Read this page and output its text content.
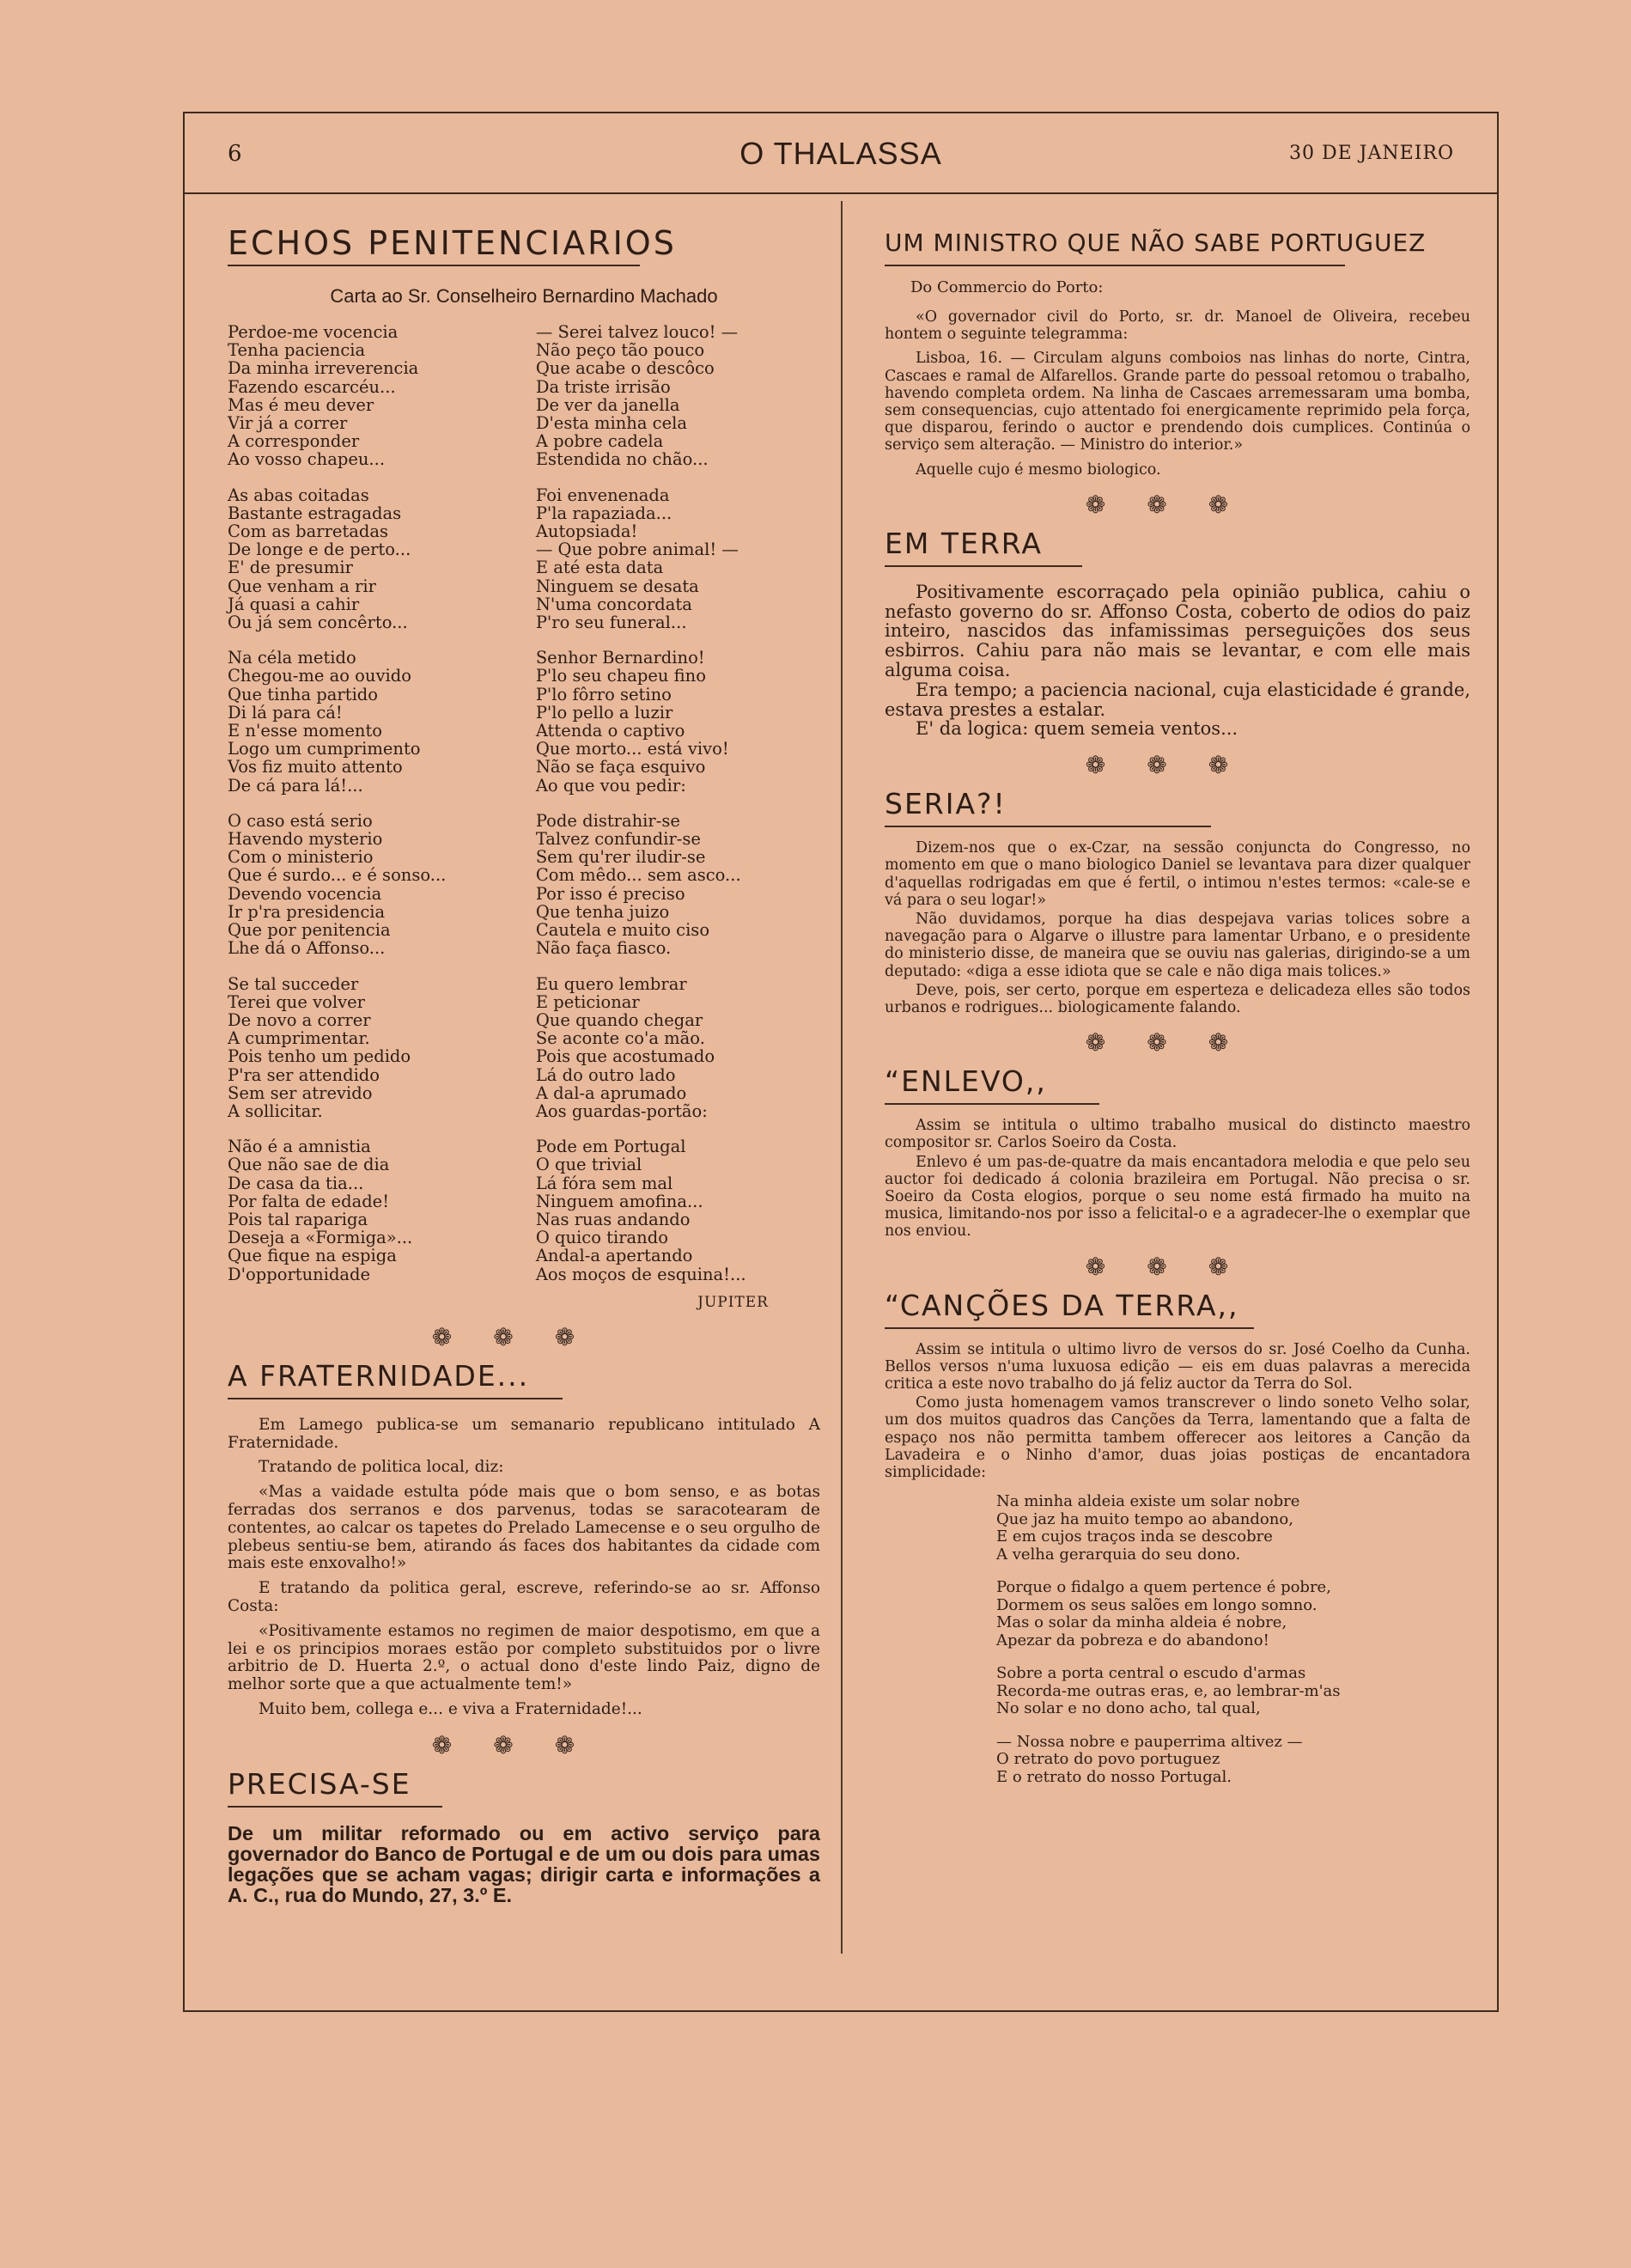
6	O THALASSA	30 DE JANEIRO
ECHOS PENITENCIARIOS
Carta ao Sr. Conselheiro Bernardino Machado
Perdoe-me vocencia
Tenha paciencia
Da minha irreverencia
Fazendo escarcéu...
Mas é meu dever
Vir já a correr
A corresponder
Ao vosso chapeu...
As abas coitadas
Bastante estragadas
Com as barretadas
De longe e de perto...
E' de presumir
Que venham a rir
Já quasi a cahir
Ou já sem concêrto...
Na céla metido
Chegou-me ao ouvido
Que tinha partido
Di lá para cá!
E n'esse momento
Logo um cumprimento
Vos fiz muito attento
De cá para lá!...
O caso está serio
Havendo mysterio
Com o ministerio
Que é surdo... e é sonso...
Devendo vocencia
Ir p'ra presidencia
Que por penitencia
Lhe dá o Affonso...
Se tal succeder
Terei que volver
De novo a correr
A cumprimentar.
Pois tenho um pedido
P'ra ser attendido
Sem ser atrevido
A sollicitar.
Não é a amnistia
Que não sae de dia
De casa da tia...
Por falta de edade!
Pois tal rapariga
Deseja a «Formiga»...
Que fique na espiga
D'opportunidade
— Serei talvez louco! —
Não peço tão pouco
Que acabe o descôco
Da triste irrisão
De ver da janella
D'esta minha cela
A pobre cadela
Estendida no chão...
Foi envenenada
P'la rapaziada...
Autopsiada!
— Que pobre animal! —
E até esta data
Ninguem se desata
N'uma concordata
P'ro seu funeral...
Senhor Bernardino!
P'lo seu chapeu fino
P'lo fôrro setino
P'lo pello a luzir
Attenda o captivo
Que morto... está vivo!
Não se faça esquivo
Ao que vou pedir:
Pode distrahir-se
Talvez confundir-se
Sem qu'rer iludir-se
Com mêdo... sem asco...
Por isso é preciso
Que tenha juizo
Cautela e muito ciso
Não faça fiasco.
Eu quero lembrar
E peticionar
Que quando chegar
Se aconte co'a mão.
Pois que acostumado
Lá do outro lado
A dal-a aprumado
Aos guardas-portão:
Pode em Portugal
O que trivial
Lá fóra sem mal
Ninguem amofina...
Nas ruas andando
O quico tirando
Andal-a apertando
Aos moços de esquina!...
JUPITER
❁❁❁
A FRATERNIDADE...

Em Lamego publica-se um semanario republicano intitulado A Fraternidade.

Tratando de politica local, diz:

«Mas a vaidade estulta póde mais que o bom senso, e as botas ferradas dos serranos e dos parvenus, todas se saracotearam de contentes, ao calcar os tapetes do Prelado Lamecense e o seu orgulho de plebeus sentiu-se bem, atirando ás faces dos habitantes da cidade com mais este enxovalho!»

E tratando da politica geral, escreve, referindo-se ao sr. Affonso Costa:

«Positivamente estamos no regimen de maior despotismo, em que a lei e os principios moraes estão por completo substituidos por o livre arbitrio de D. Huerta 2.º, o actual dono d'este lindo Paiz, digno de melhor sorte que a que actualmente tem!»

Muito bem, collega e... e viva a Fraternidade!...

❁❁❁
PRECISA-SE
De um militar reformado ou em activo serviço para governador do Banco de Portugal e de um ou dois para umas legações que se acham vagas; dirigir carta e informações a A. C., rua do Mundo, 27, 3.º E.
UM MINISTRO QUE NÃO SABE PORTUGUEZ
Do Commercio do Porto:

«O governador civil do Porto, sr. dr. Manoel de Oliveira, recebeu hontem o seguinte telegramma:

Lisboa, 16. — Circulam alguns comboios nas linhas do norte, Cintra, Cascaes e ramal de Alfarellos. Grande parte do pessoal retomou o trabalho, havendo completa ordem. Na linha de Cascaes arremessaram uma bomba, sem consequencias, cujo attentado foi energicamente reprimido pela força, que disparou, ferindo o auctor e prendendo dois cumplices. Continúa o serviço sem alteração. — Ministro do interior.»

Aquelle cujo é mesmo biologico.

❁❁❁
EM TERRA

Positivamente escorraçado pela opinião publica, cahiu o nefasto governo do sr. Affonso Costa, coberto de odios do paiz inteiro, nascidos das infamissimas perseguições dos seus esbirros. Cahiu para não mais se levantar, e com elle mais alguma coisa.

Era tempo; a paciencia nacional, cuja elasticidade é grande, estava prestes a estalar.

E' da logica: quem semeia ventos...

❁❁❁
SERIA?!

Dizem-nos que o ex-Czar, na sessão conjuncta do Congresso, no momento em que o mano biologico Daniel se levantava para dizer qualquer d'aquellas rodrigadas em que é fertil, o intimou n'estes termos: «cale-se e vá para o seu logar!»

Não duvidamos, porque ha dias despejava varias tolices sobre a navegação para o Algarve o illustre para lamentar Urbano, e o presidente do ministerio disse, de maneira que se ouviu nas galerias, dirigindo-se a um deputado: «diga a esse idiota que se cale e não diga mais tolices.»

Deve, pois, ser certo, porque em esperteza e delicadeza elles são todos urbanos e rodrigues... biologicamente falando.

❁❁❁
“ENLEVO,,

Assim se intitula o ultimo trabalho musical do distincto maestro compositor sr. Carlos Soeiro da Costa.

Enlevo é um pas-de-quatre da mais encantadora melodia e que pelo seu auctor foi dedicado á colonia brazileira em Portugal. Não precisa o sr. Soeiro da Costa elogios, porque o seu nome está firmado ha muito na musica, limitando-nos por isso a felicital-o e a agradecer-lhe o exemplar que nos enviou.

❁❁❁
“CANÇÕES DA TERRA,,

Assim se intitula o ultimo livro de versos do sr. José Coelho da Cunha. Bellos versos n'uma luxuosa edição — eis em duas palavras a merecida critica a este novo trabalho do já feliz auctor da Terra do Sol.

Como justa homenagem vamos transcrever o lindo soneto Velho solar, um dos muitos quadros das Canções da Terra, lamentando que a falta de espaço nos não permitta tambem offerecer aos leitores a Canção da Lavadeira e o Ninho d'amor, duas joias postiças de encantadora simplicidade:

Na minha aldeia existe um solar nobre
Que jaz ha muito tempo ao abandono,
E em cujos traços inda se descobre
A velha gerarquia do seu dono.
Porque o fidalgo a quem pertence é pobre,
Dormem os seus salões em longo somno.
Mas o solar da minha aldeia é nobre,
Apezar da pobreza e do abandono!
Sobre a porta central o escudo d'armas
Recorda-me outras eras, e, ao lembrar-m'as
No solar e no dono acho, tal qual,
— Nossa nobre e pauperrima altivez —
O retrato do povo portuguez
E o retrato do nosso Portugal.
